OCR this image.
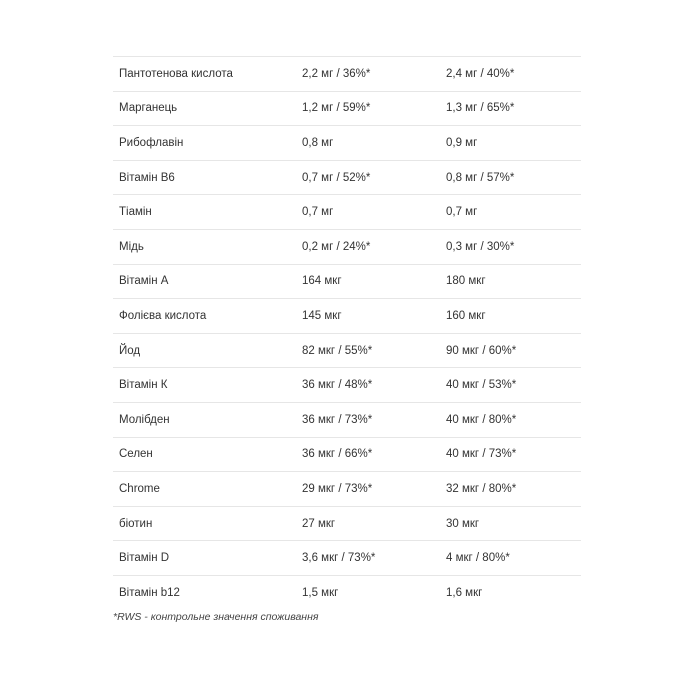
Пантотенова кислота	2,2 мг / 36%*	2,4 мг / 40%*
Марганець	1,2 мг / 59%*	1,3 мг / 65%*
Рибофлавін	0,8 мг	0,9 мг
Вітамін B6	0,7 мг / 52%*	0,8 мг / 57%*
Тіамін	0,7 мг	0,7 мг
Мідь	0,2 мг / 24%*	0,3 мг / 30%*
Вітамін А	164 мкг	180 мкг
Фолієва кислота	145 мкг	160 мкг
Йод	82 мкг / 55%*	90 мкг / 60%*
Вітамін К	36 мкг / 48%*	40 мкг / 53%*
Молібден	36 мкг / 73%*	40 мкг / 80%*
Селен	36 мкг / 66%*	40 мкг / 73%*
Chrome	29 мкг / 73%*	32 мкг / 80%*
біотин	27 мкг	30 мкг
Вітамін D	3,6 мкг / 73%*	4 мкг / 80%*
Вітамін b12	1,5 мкг	1,6 мкг
*RWS - контрольне значення споживання
